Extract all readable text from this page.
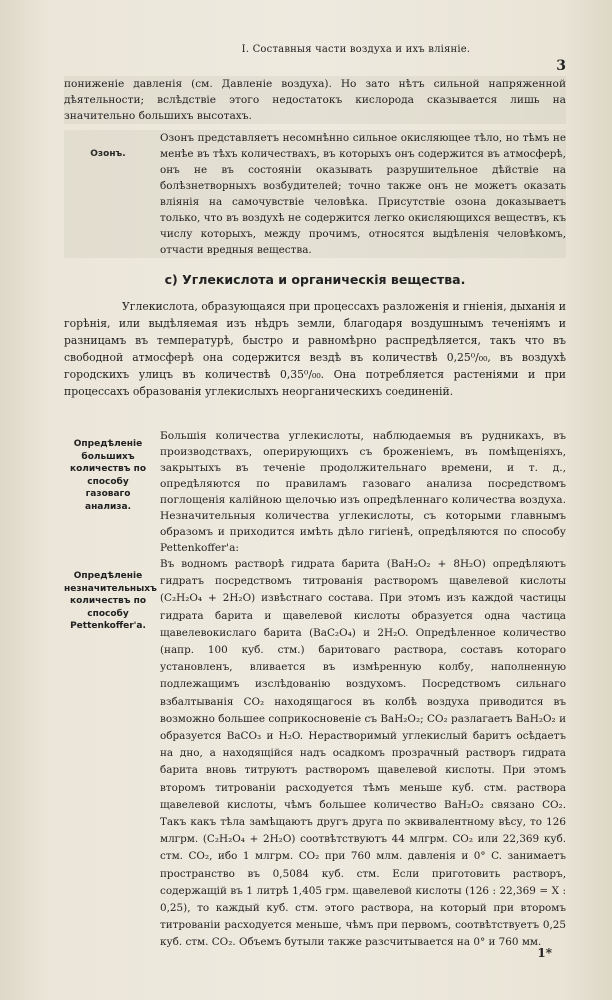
I. Составныя части воздуха и ихъ вліяніе.
3

пониженіе давленія (см. Давленіе воздуха). Но зато нѣтъ сильной напряженной дѣятельности; вслѣдствіе этого недостатокъ кислорода сказывается лишь на значительно большихъ высотахъ.

Озонъ.

Озонъ представляетъ несомнѣнно сильное окисляющее тѣло, но тѣмъ не менѣе въ тѣхъ количествахъ, въ которыхъ онъ содержится въ атмосферѣ, онъ не въ состояніи оказывать разрушительное дѣйствіе на болѣзнетворныхъ возбудителей; точно также онъ не можетъ оказать вліянія на самочувствіе человѣка. Присутствіе озона доказываетъ только, что въ воздухѣ не содержится легко окисляющихся веществъ, къ числу которыхъ, между прочимъ, относятся выдѣленія человѣкомъ, отчасти вредныя вещества.

c) Углекислота и органическія вещества.

Углекислота, образующаяся при процессахъ разложенія и гніенія, дыханія и горѣнія, или выдѣляемая изъ нѣдръ земли, благодаря воздушнымъ теченіямъ и разницамъ въ температурѣ, быстро и равномѣрно распредѣляется, такъ что въ свободной атмосферѣ она содержится вездѣ въ количествѣ 0,25⁰/₀₀, въ воздухѣ городскихъ улицъ въ количествѣ 0,35⁰/₀₀. Она потребляется растеніями и при процессахъ образованія углекислыхъ неорганическихъ соединеній.

Опредѣленіе большихъ количествъ по способу газоваго анализа.

Большія количества углекислоты, наблюдаемыя въ рудникахъ, въ производствахъ, оперирующихъ съ броженіемъ, въ помѣщеніяхъ, закрытыхъ въ теченіе продолжительнаго времени, и т. д., опредѣляются по правиламъ газоваго анализа посредствомъ поглощенія калійною щелочью изъ опредѣленнаго количества воздуха. Незначительныя количества углекислоты, съ которыми главнымъ образомъ и приходится имѣть дѣло гигіенѣ, опредѣляются по способу Pettenkoffer'a:

Опредѣленіе незначительныхъ количествъ по способу Pettenkoffer'a.

Въ водномъ растворѣ гидрата барита (BaH₂O₂ + 8H₂O) опредѣляютъ гидратъ посредствомъ титрованія растворомъ щавелевой кислоты (C₂H₂O₄ + 2H₂O) извѣстнаго состава. При этомъ изъ каждой частицы гидрата барита и щавелевой кислоты образуется одна частица щавелевокислаго барита (BaC₂O₄) и 2H₂O. Опредѣленное количество (напр. 100 куб. стм.) баритоваго раствора, составъ котораго установленъ, вливается въ измѣренную колбу, наполненную подлежащимъ изслѣдованію воздухомъ. Посредствомъ сильнаго взбалтыванія CO₂ находящагося въ колбѣ воздуха приводится въ возможно большее соприкосновеніе съ BaH₂O₂; CO₂ разлагаетъ BaH₂O₂ и образуется BaCO₃ и H₂O. Нерастворимый углекислый баритъ осѣдаетъ на дно, а находящійся надъ осадкомъ прозрачный растворъ гидрата барита вновь титруютъ растворомъ щавелевой кислоты. При этомъ второмъ титрованіи расходуется тѣмъ меньше куб. стм. раствора щавелевой кислоты, чѣмъ большее количество BaH₂O₂ связано CO₂. Такъ какъ тѣла замѣщаютъ другъ друга по эквивалентному вѣсу, то 126 млгрм. (C₂H₂O₄ + 2H₂O) соотвѣтствуютъ 44 млгрм. CO₂ или 22,369 куб. стм. CO₂, ибо 1 млгрм. CO₂ при 760 млм. давленія и 0° C. занимаетъ пространство въ 0,5084 куб. стм. Если приготовить растворъ, содержащій въ 1 литрѣ 1,405 грм. щавелевой кислоты (126 : 22,369 = X : 0,25), то каждый куб. стм. этого раствора, на который при второмъ титрованіи расходуется меньше, чѣмъ при первомъ, соотвѣтствуетъ 0,25 куб. стм. CO₂. Объемъ бутыли также разсчитывается на 0° и 760 мм.

1*
